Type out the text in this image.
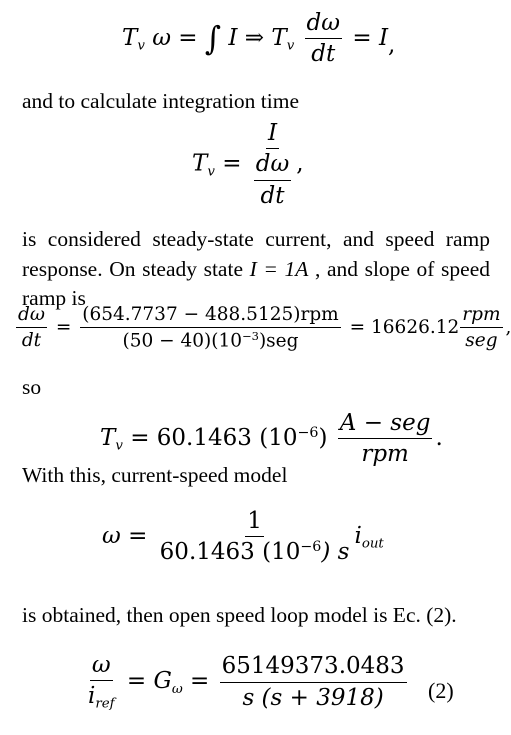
$T_v$ ω = ∫ I ⇒ $T_v \frac{d\omega}{dt} = I$,
and to calculate integration time
$T_v = \frac{I}{\frac{d\omega}{dt}}$ ,
is considered steady-state current, and speed ramp response. On steady state I = 1A , and slope of speed ramp is
$\frac{d\omega}{dt} = \frac{\text{(654.7737 − 488.5125)rpm}}{(50 - 40)(10^{-3})seg} = 16626.12 \frac{\text{rpm}}{\text{seg}}$ ,
so
$T_v = 60.1463$ $(10^{-6}) \frac{\text{A − seg}}{\text{rpm}}$ .
With this, current-speed model
$\omega = \frac{1}{60.1463 (10^{-6}) s} i_{out}$
is obtained, then open speed loop model is Ec. (2).
$\frac{\omega}{i_{ref}} = G_\omega = \frac{65149373.0483}{s (s + 3918)} (2)$
